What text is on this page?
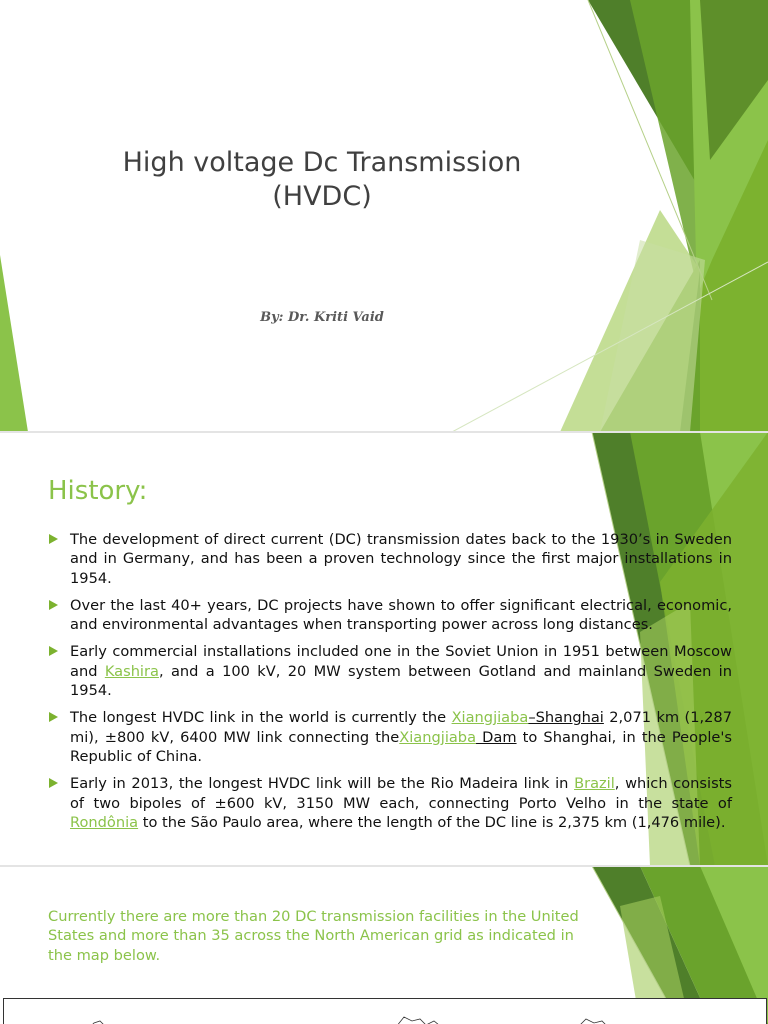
High voltage Dc Transmission
(HVDC)
By: Dr. Kriti Vaid
History:
The development of direct current (DC) transmission dates back to the 1930’s in Sweden and in Germany, and has been a proven technology since the first major installations in 1954.
Over the last 40+ years, DC projects have shown to offer significant electrical, economic, and environmental advantages when transporting power across long distances.
Early commercial installations included one in the Soviet Union in 1951 between Moscow and Kashira, and a 100 kV, 20 MW system between Gotland and mainland Sweden in 1954.
The longest HVDC link in the world is currently the Xiangjiaba–Shanghai 2,071 km (1,287 mi), ±800 kV, 6400 MW link connecting theXiangjiaba Dam to Shanghai, in the People's Republic of China.
Early in 2013, the longest HVDC link will be the Rio Madeira link in Brazil, which consists of two bipoles of ±600 kV, 3150 MW each, connecting Porto Velho in the state of Rondônia to the São Paulo area, where the length of the DC line is 2,375 km (1,476 mile).

Currently there are more than 20 DC transmission facilities in the United States and more than 35 across the North American grid as indicated in the map below.
